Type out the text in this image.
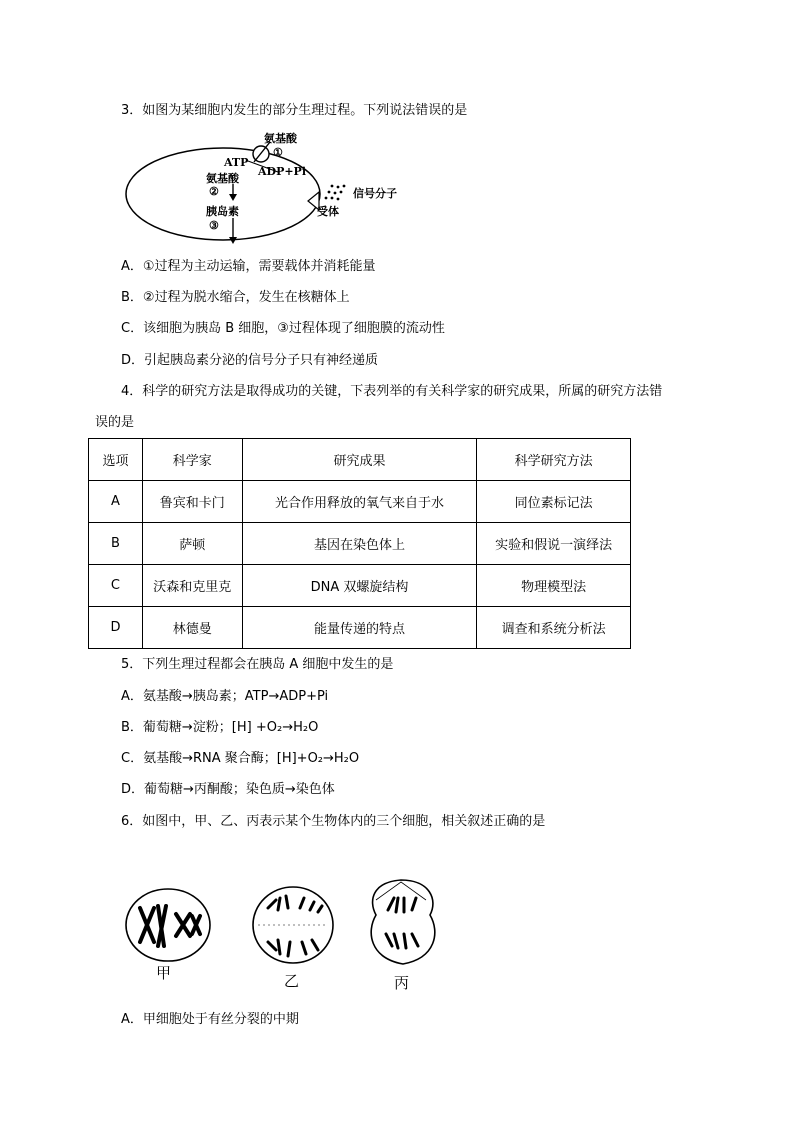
3．如图为某细胞内发生的部分生理过程。下列说法错误的是
氨基酸
①
ATP
ADP+Pi
氨基酸
②
胰岛素
③
信号分子
受体
A．①过程为主动运输，需要载体并消耗能量
B．②过程为脱水缩合，发生在核糖体上
C．该细胞为胰岛 B 细胞，③过程体现了细胞膜的流动性
D．引起胰岛素分泌的信号分子只有神经递质
4．科学的研究方法是取得成功的关键，下表列举的有关科学家的研究成果，所属的研究方法错
误的是
选项	科学家	研究成果	科学研究方法
A	鲁宾和卡门	光合作用释放的氧气来自于水	同位素标记法
B	萨顿	基因在染色体上	实验和假说一演绎法
C	沃森和克里克	DNA 双螺旋结构	物理模型法
D	林德曼	能量传递的特点	调查和系统分析法
5．下列生理过程都会在胰岛 A 细胞中发生的是
A．氨基酸→胰岛素；ATP→ADP+Pi
B．葡萄糖→淀粉；[H] +O₂→H₂O
C．氨基酸→RNA 聚合酶；[H]+O₂→H₂O
D．葡萄糖→丙酮酸；染色质→染色体
6．如图中，甲、乙、丙表示某个生物体内的三个细胞，相关叙述正确的是
甲	乙	丙
A．甲细胞处于有丝分裂的中期
